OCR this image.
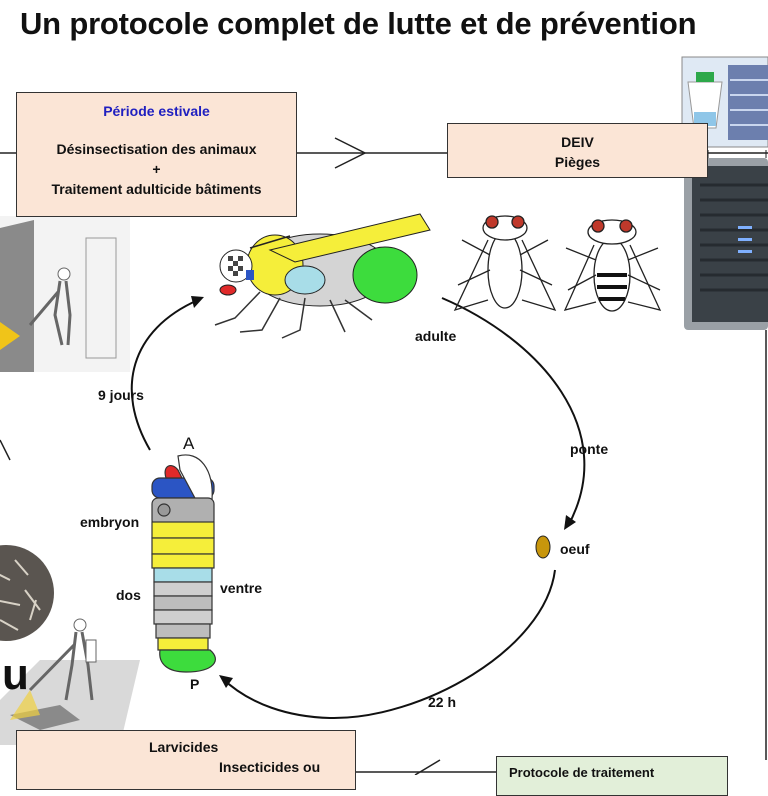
Un protocole complet de lutte et de prévention
Période estivale
Désinsectisation des animaux
+
Traitement adulticide bâtiments
DEIV
Pièges
Larvicides
Insecticides ou	Protocole de traitement
adulte
ponte
oeuf
22 h
9 jours
A
P
embryon
dos	ventre
u
